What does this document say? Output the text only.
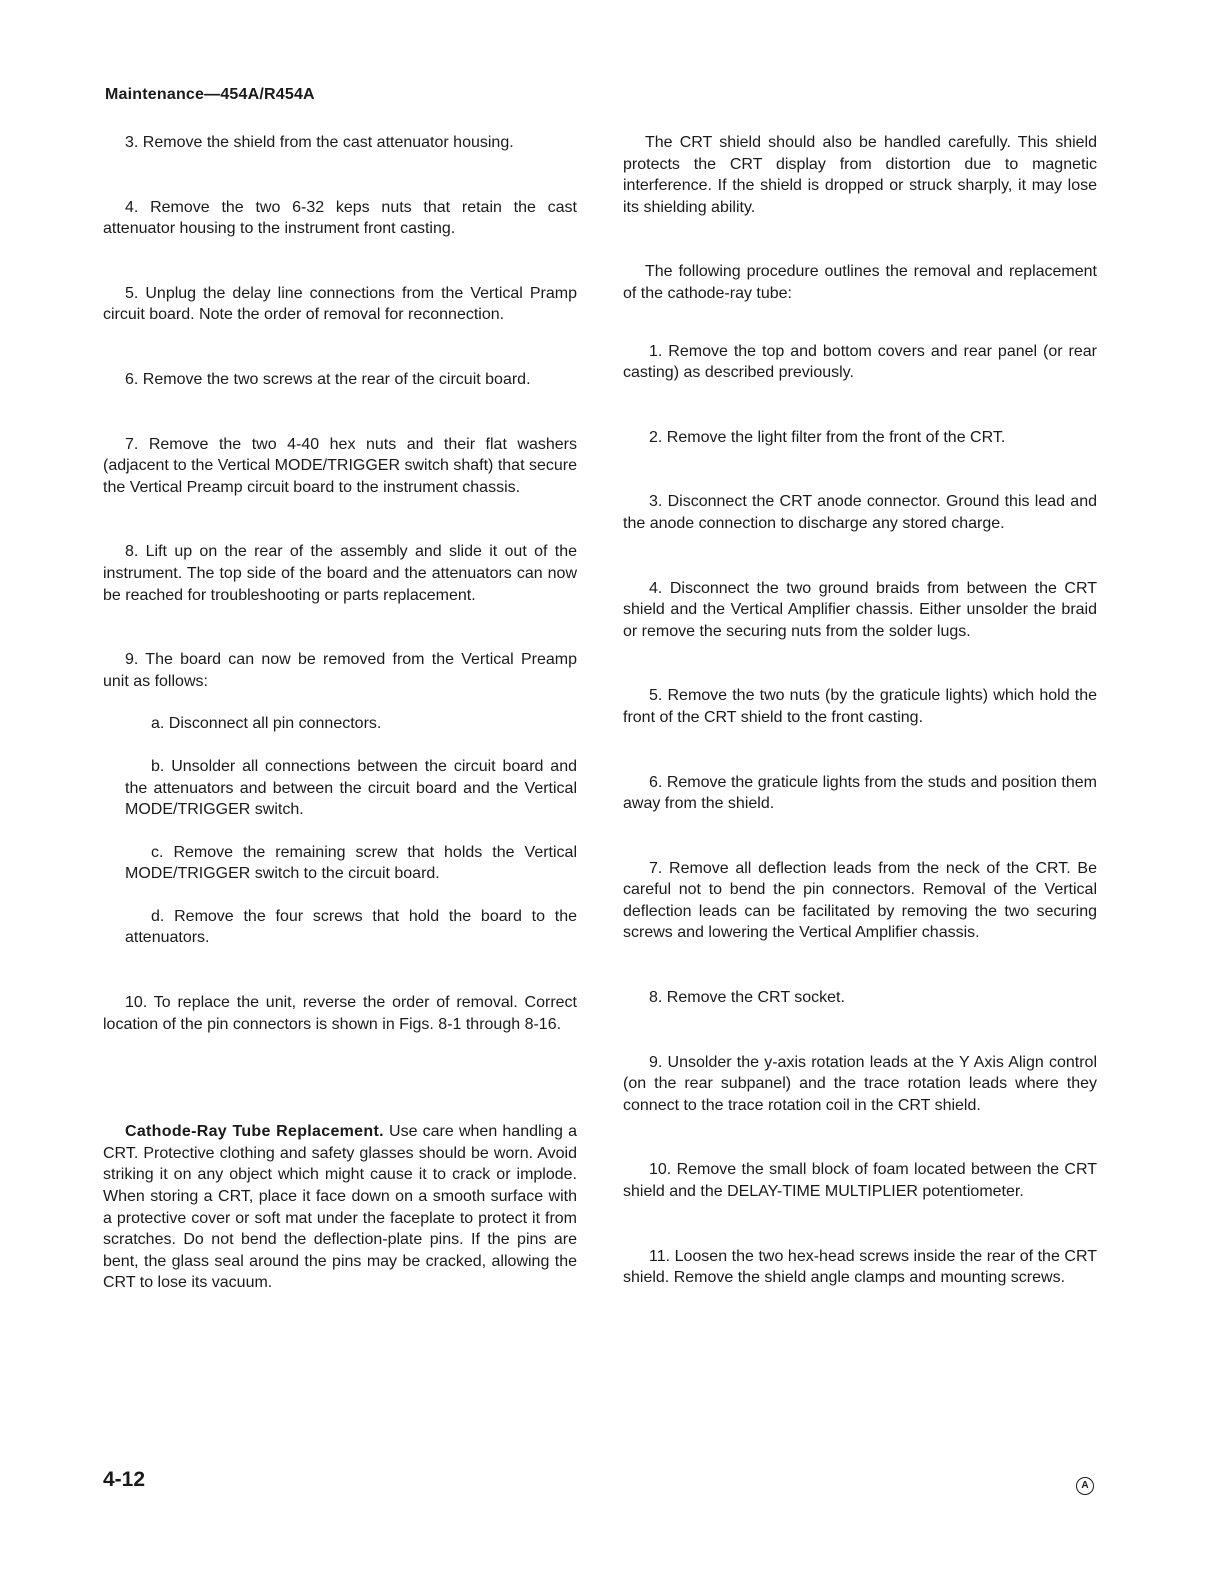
Maintenance—454A/R454A

3. Remove the shield from the cast attenuator housing.

4. Remove the two 6-32 keps nuts that retain the cast attenuator housing to the instrument front casting.

5. Unplug the delay line connections from the Vertical Pramp circuit board. Note the order of removal for reconnection.

6. Remove the two screws at the rear of the circuit board.

7. Remove the two 4-40 hex nuts and their flat washers (adjacent to the Vertical MODE/TRIGGER switch shaft) that secure the Vertical Preamp circuit board to the instrument chassis.

8. Lift up on the rear of the assembly and slide it out of the instrument. The top side of the board and the attenuators can now be reached for troubleshooting or parts replacement.

9. The board can now be removed from the Vertical Preamp unit as follows:

a. Disconnect all pin connectors.

b. Unsolder all connections between the circuit board and the attenuators and between the circuit board and the Vertical MODE/TRIGGER switch.

c. Remove the remaining screw that holds the Vertical MODE/TRIGGER switch to the circuit board.

d. Remove the four screws that hold the board to the attenuators.

10. To replace the unit, reverse the order of removal. Correct location of the pin connectors is shown in Figs. 8-1 through 8-16.

Cathode-Ray Tube Replacement. Use care when handling a CRT. Protective clothing and safety glasses should be worn. Avoid striking it on any object which might cause it to crack or implode. When storing a CRT, place it face down on a smooth surface with a protective cover or soft mat under the faceplate to protect it from scratches. Do not bend the deflection-plate pins. If the pins are bent, the glass seal around the pins may be cracked, allowing the CRT to lose its vacuum.

The CRT shield should also be handled carefully. This shield protects the CRT display from distortion due to magnetic interference. If the shield is dropped or struck sharply, it may lose its shielding ability.

The following procedure outlines the removal and replacement of the cathode-ray tube:

1. Remove the top and bottom covers and rear panel (or rear casting) as described previously.

2. Remove the light filter from the front of the CRT.

3. Disconnect the CRT anode connector. Ground this lead and the anode connection to discharge any stored charge.

4. Disconnect the two ground braids from between the CRT shield and the Vertical Amplifier chassis. Either unsolder the braid or remove the securing nuts from the solder lugs.

5. Remove the two nuts (by the graticule lights) which hold the front of the CRT shield to the front casting.

6. Remove the graticule lights from the studs and position them away from the shield.

7. Remove all deflection leads from the neck of the CRT. Be careful not to bend the pin connectors. Removal of the Vertical deflection leads can be facilitated by removing the two securing screws and lowering the Vertical Amplifier chassis.

8. Remove the CRT socket.

9. Unsolder the y-axis rotation leads at the Y Axis Align control (on the rear subpanel) and the trace rotation leads where they connect to the trace rotation coil in the CRT shield.

10. Remove the small block of foam located between the CRT shield and the DELAY-TIME MULTIPLIER potentiometer.

11. Loosen the two hex-head screws inside the rear of the CRT shield. Remove the shield angle clamps and mounting screws.

4-12	A
